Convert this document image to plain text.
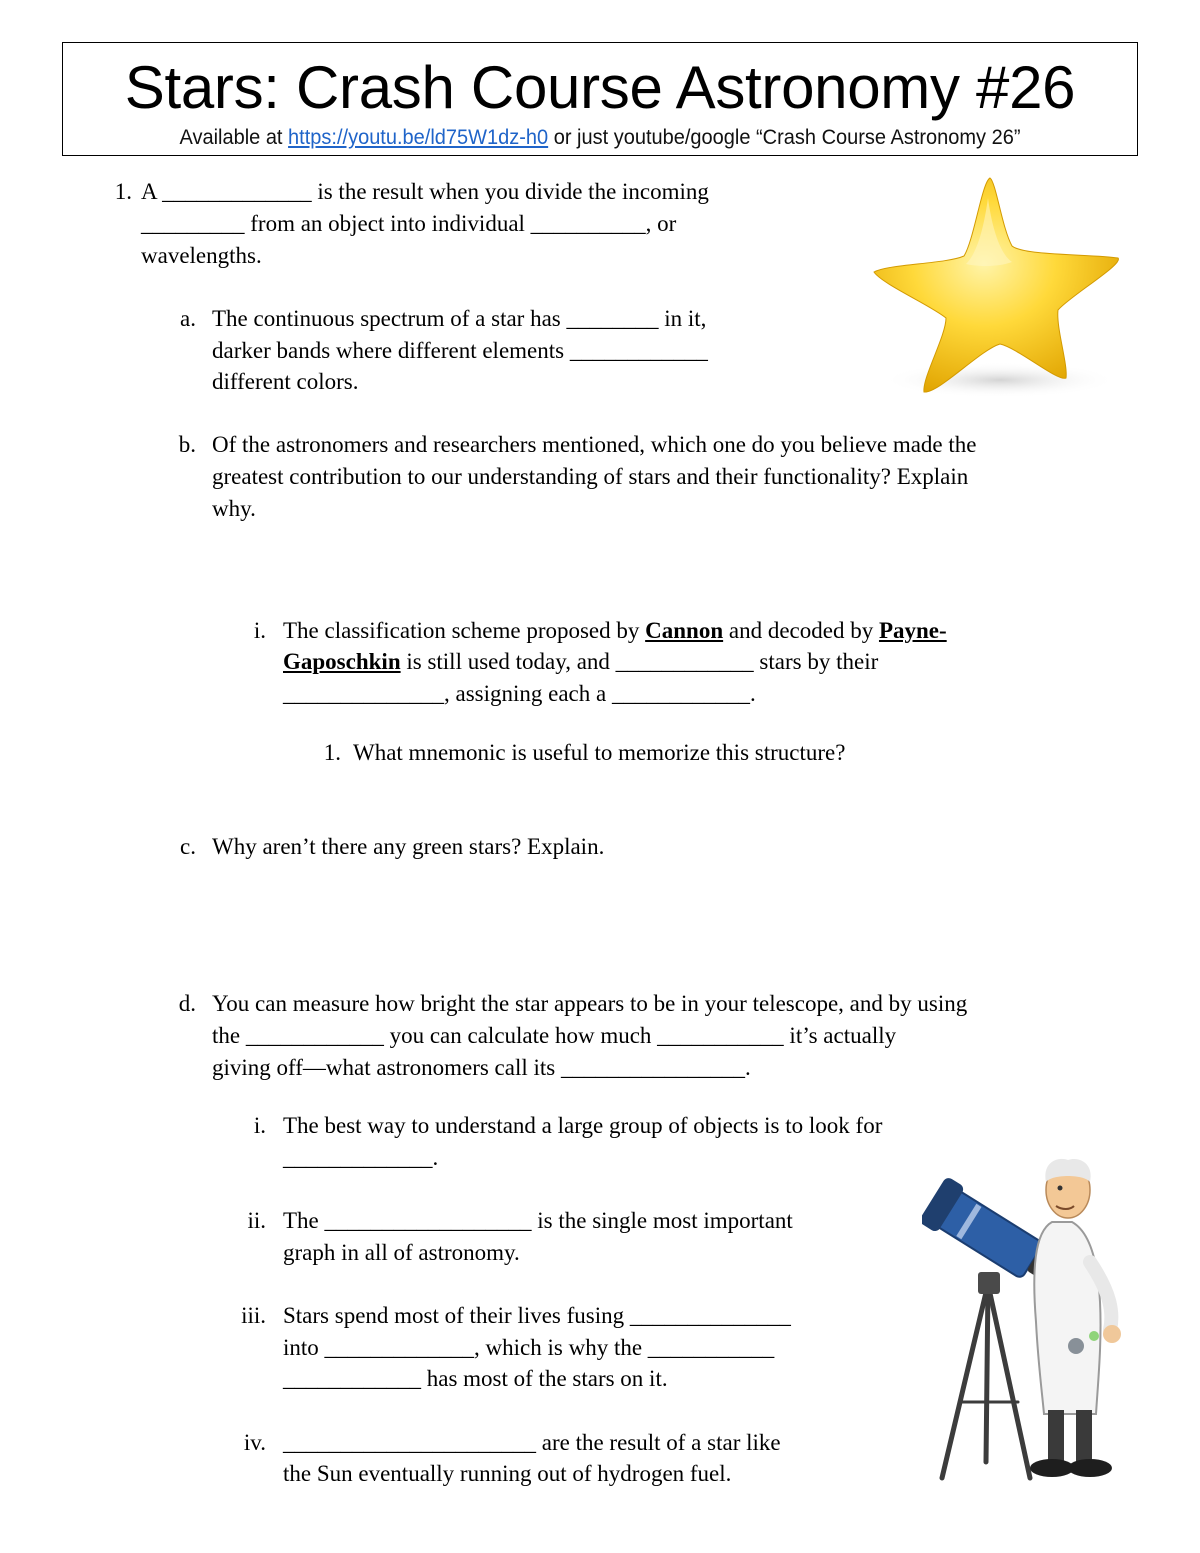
Stars: Crash Course Astronomy #26
Available at https://youtu.be/ld75W1dz-h0 or just youtube/google “Crash Course Astronomy 26”
1. A _____________ is the result when you divide the incoming
_________ from an object into individual __________, or
wavelengths.
a. The continuous spectrum of a star has ________ in it,
darker bands where different elements ____________
different colors.
b. Of the astronomers and researchers mentioned, which one do you believe made the
greatest contribution to our understanding of stars and their functionality? Explain
why.
i. The classification scheme proposed by Cannon and decoded by Payne-
Gaposchkin is still used today, and ____________ stars by their
______________, assigning each a ____________.
1. What mnemonic is useful to memorize this structure?
c. Why aren’t there any green stars? Explain.
d. You can measure how bright the star appears to be in your telescope, and by using
the ____________ you can calculate how much ___________ it’s actually
giving off—what astronomers call its ________________.
i. The best way to understand a large group of objects is to look for
_____________.
ii. The __________________ is the single most important
graph in all of astronomy.
iii. Stars spend most of their lives fusing ______________
into _____________, which is why the ___________
____________ has most of the stars on it.
iv. ______________________ are the result of a star like
the Sun eventually running out of hydrogen fuel.
